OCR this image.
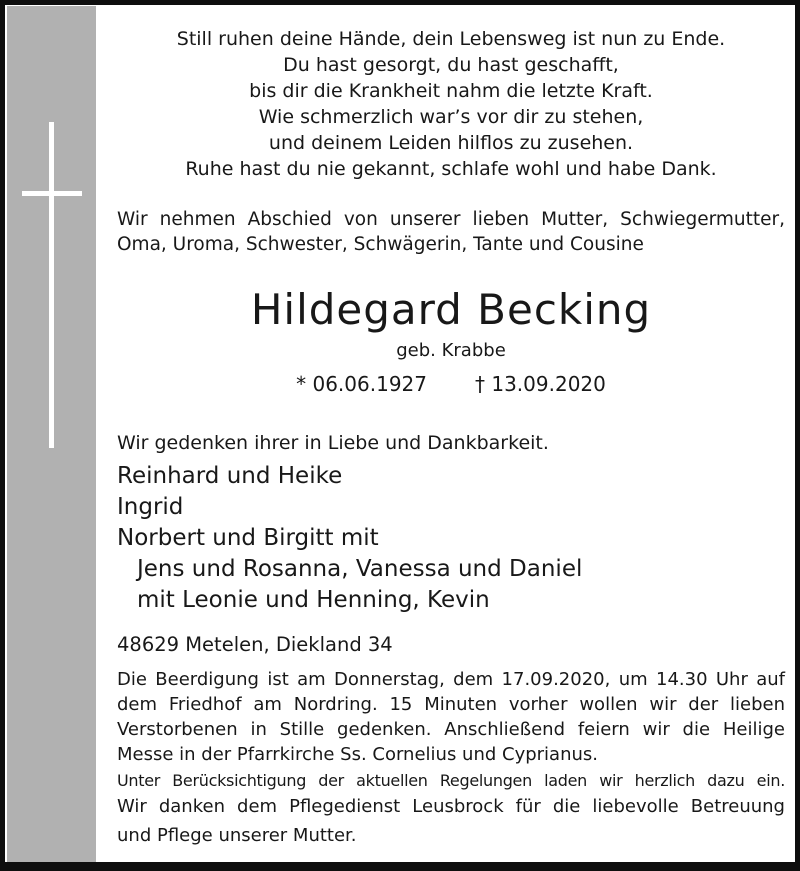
Still ruhen deine Hände, dein Lebensweg ist nun zu Ende.
Du hast gesorgt, du hast geschafft,
bis dir die Krankheit nahm die letzte Kraft.
Wie schmerzlich war’s vor dir zu stehen,
und deinem Leiden hilflos zu zusehen.
Ruhe hast du nie gekannt, schlafe wohl und habe Dank.
Wir nehmen Abschied von unserer lieben Mutter, Schwiegermutter,
Oma, Uroma, Schwester, Schwägerin, Tante und Cousine
Hildegard Becking
geb. Krabbe
* 06.06.1927 † 13.09.2020
Wir gedenken ihrer in Liebe und Dankbarkeit.
Reinhard und Heike
Ingrid
Norbert und Birgitt mit
Jens und Rosanna, Vanessa und Daniel
mit Leonie und Henning, Kevin
48629 Metelen, Diekland 34
Die Beerdigung ist am Donnerstag, dem 17.09.2020, um 14.30 Uhr auf
dem Friedhof am Nordring. 15 Minuten vorher wollen wir der lieben
Verstorbenen in Stille gedenken. Anschließend feiern wir die Heilige
Messe in der Pfarrkirche Ss. Cornelius und Cyprianus.
Unter Berücksichtigung der aktuellen Regelungen laden wir herzlich dazu ein.
Wir danken dem Pflegedienst Leusbrock für die liebevolle Betreuung
und Pflege unserer Mutter.
